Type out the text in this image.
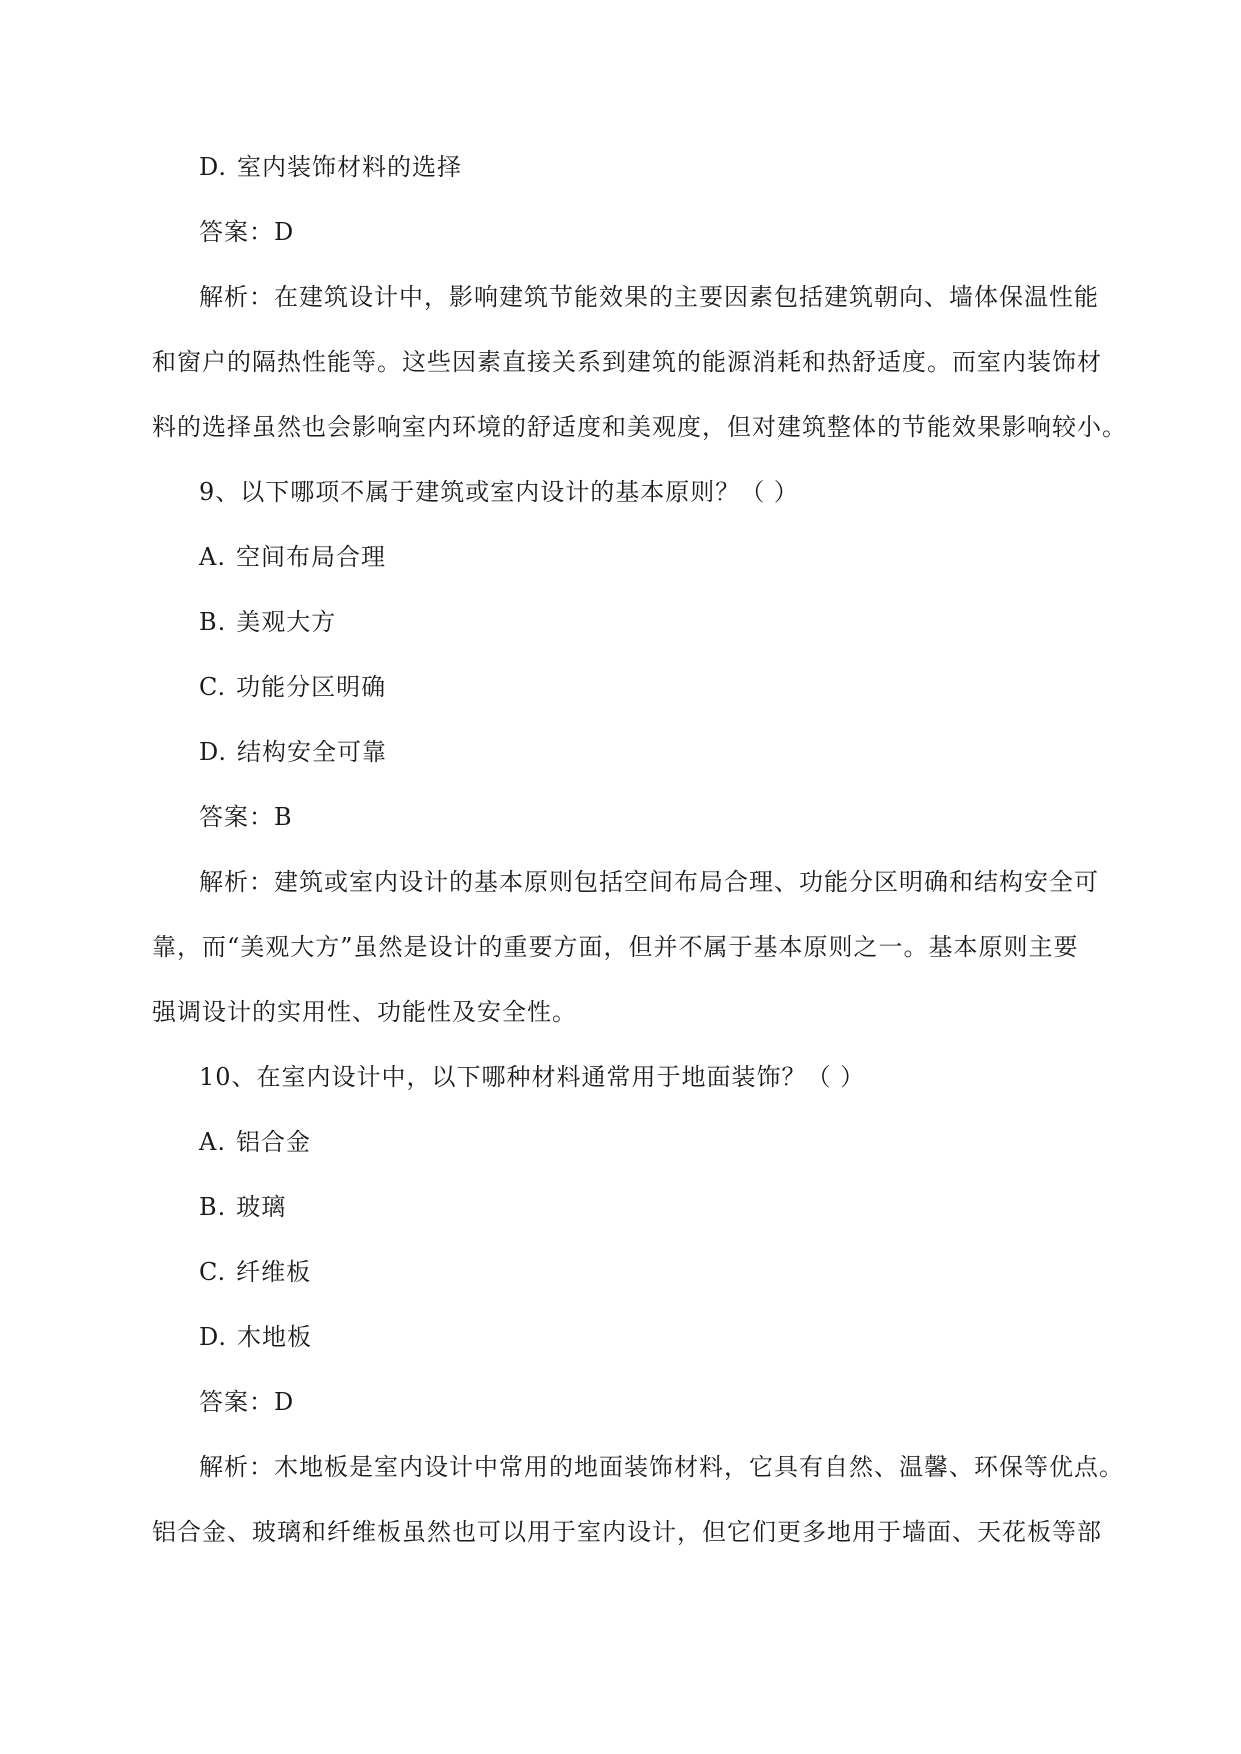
D. 室内装饰材料的选择
答案：D
解析：在建筑设计中，影响建筑节能效果的主要因素包括建筑朝向、墙体保温性能
和窗户的隔热性能等。这些因素直接关系到建筑的能源消耗和热舒适度。而室内装饰材
料的选择虽然也会影响室内环境的舒适度和美观度，但对建筑整体的节能效果影响较小。
9、以下哪项不属于建筑或室内设计的基本原则？（ ）
A. 空间布局合理
B. 美观大方
C. 功能分区明确
D. 结构安全可靠
答案：B
解析：建筑或室内设计的基本原则包括空间布局合理、功能分区明确和结构安全可
靠，而“美观大方”虽然是设计的重要方面，但并不属于基本原则之一。基本原则主要
强调设计的实用性、功能性及安全性。
10、在室内设计中，以下哪种材料通常用于地面装饰？（ ）
A. 铝合金
B. 玻璃
C. 纤维板
D. 木地板
答案：D
解析：木地板是室内设计中常用的地面装饰材料，它具有自然、温馨、环保等优点。
铝合金、玻璃和纤维板虽然也可以用于室内设计，但它们更多地用于墙面、天花板等部
